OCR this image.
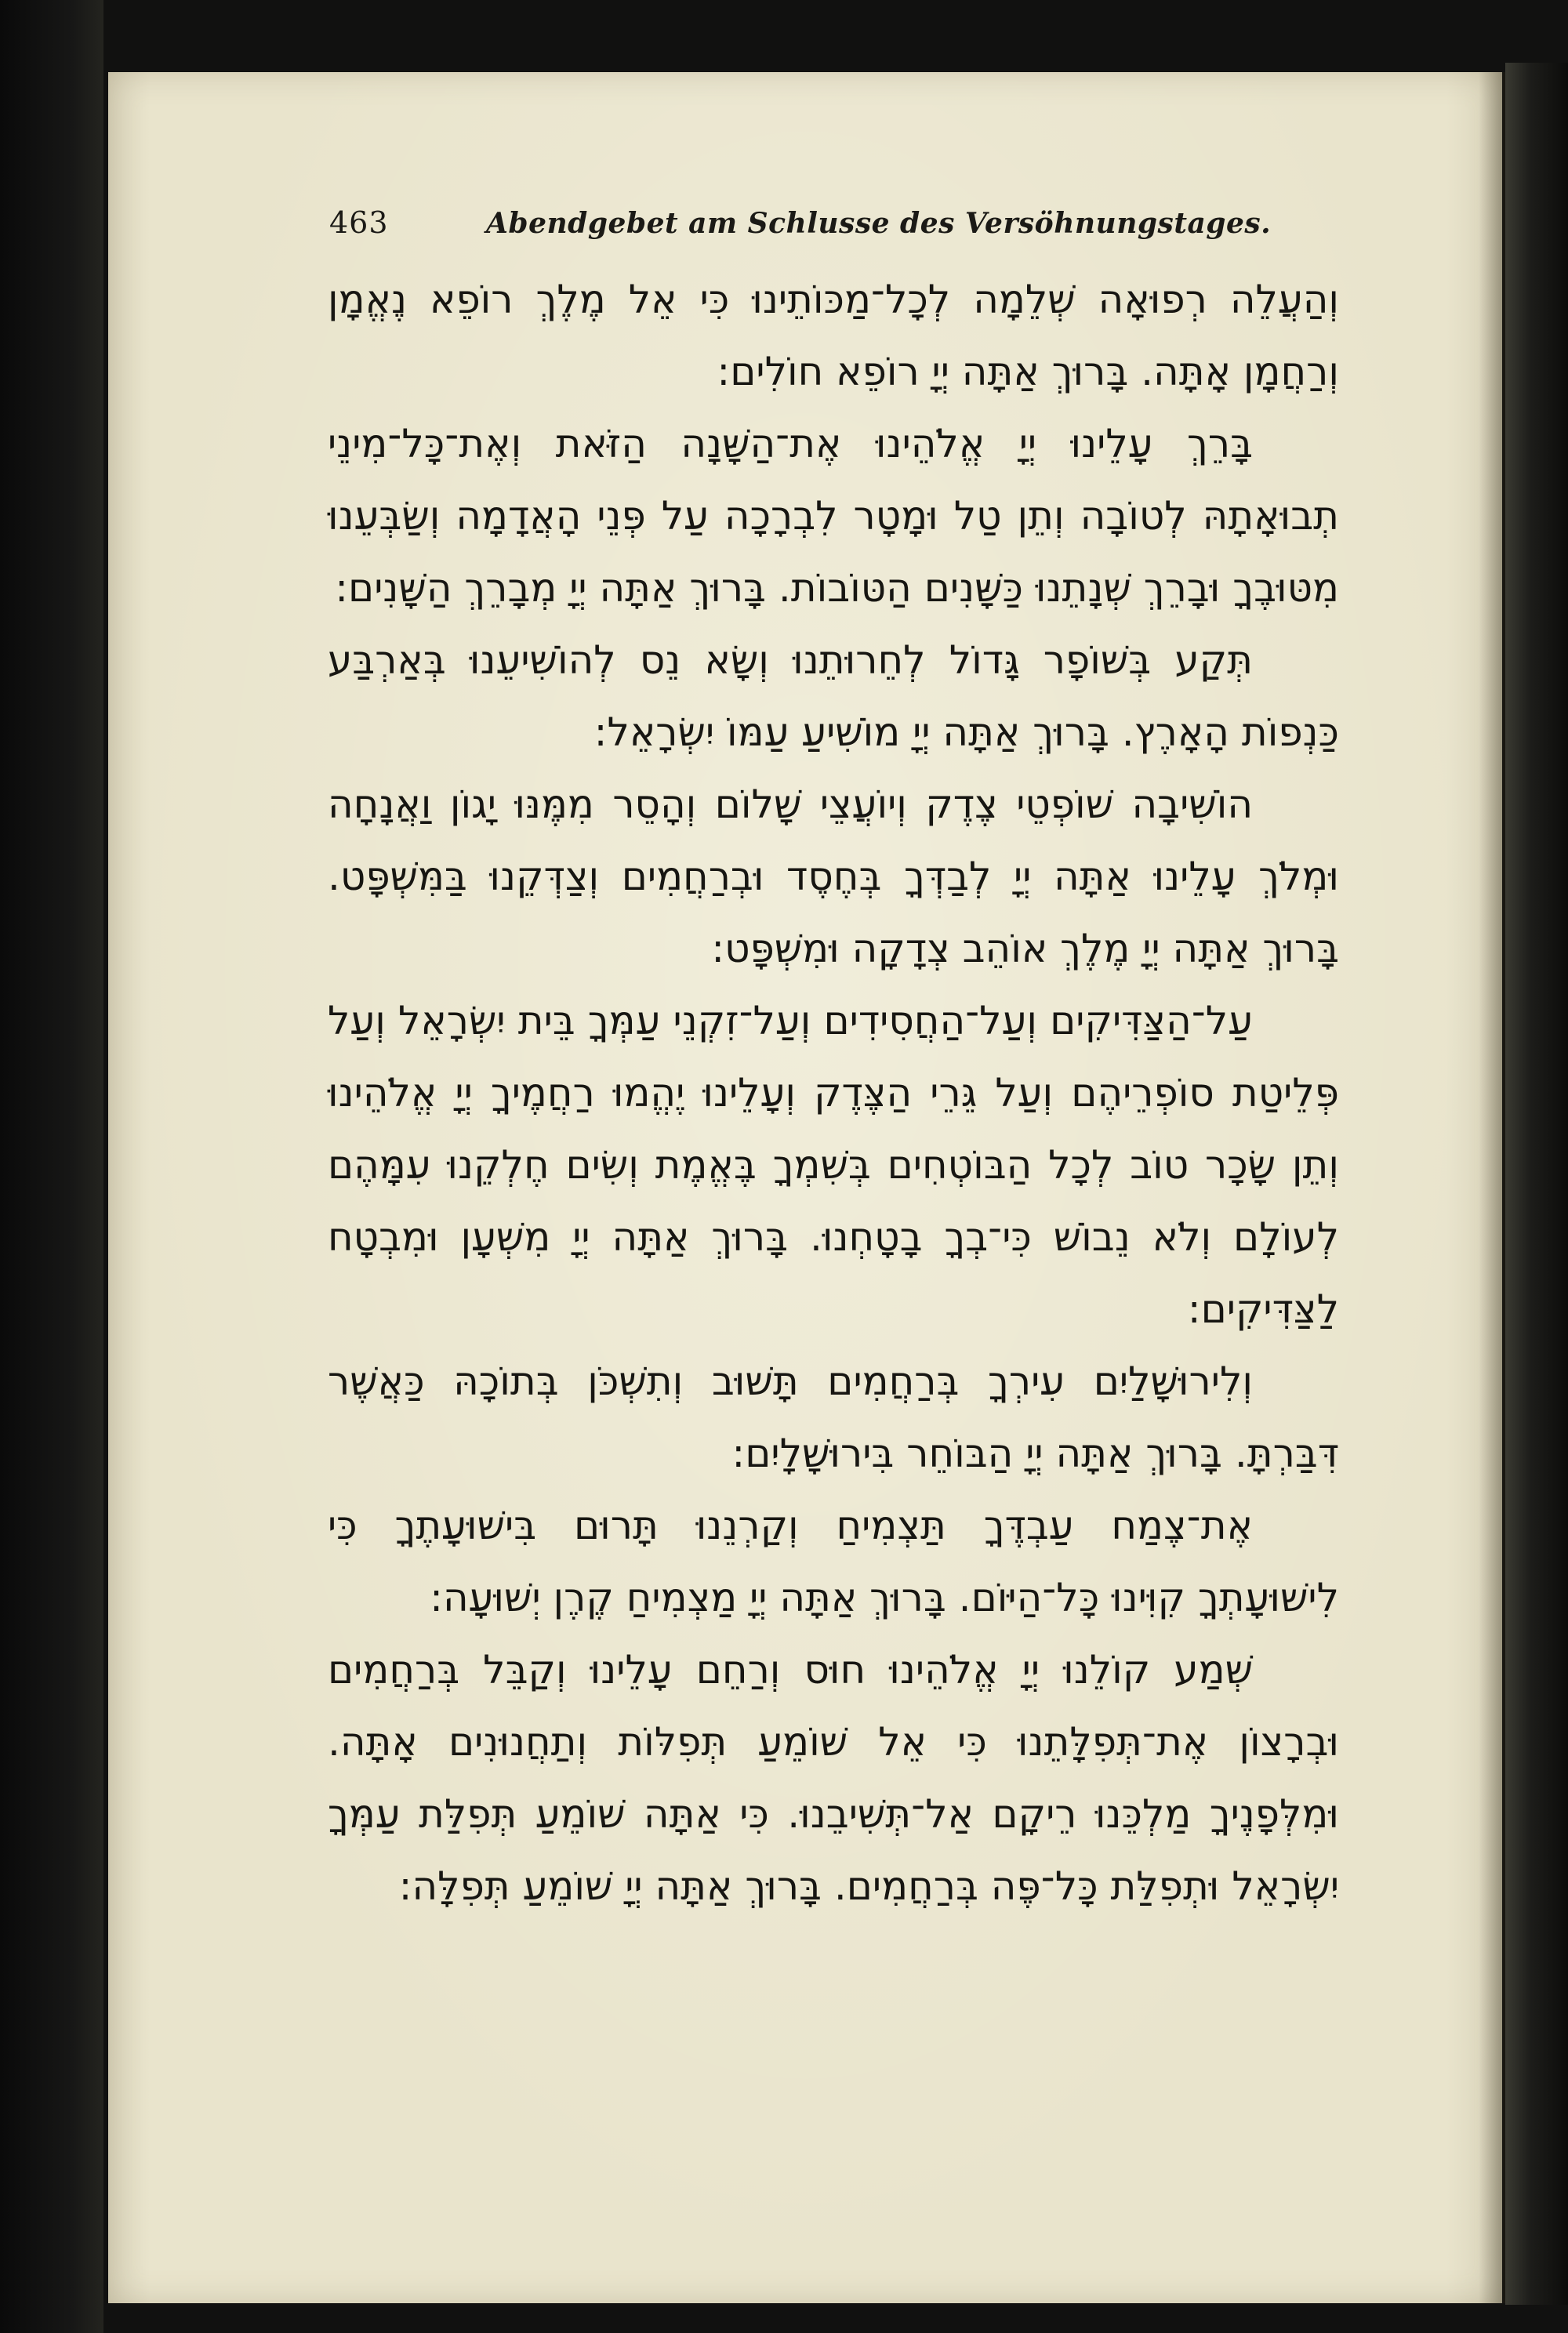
463	Abendgebet am Schlusse des Versöhnungstages.

וְהַעֲלֵה רְפוּאָה שְׁלֵמָה לְכָל־מַכּוֹתֵינוּ כִּי אֵל מֶלֶךְ רוֹפֵא נֶאֱמָן וְרַחֲמָן אָתָּה. בָּרוּךְ אַתָּה יְיָ רוֹפֵא חוֹלִים:

בָּרֵךְ עָלֵינוּ יְיָ אֱלֹהֵינוּ אֶת־הַשָּׁנָה הַזֹּאת וְאֶת־כָּל־מִינֵי תְבוּאָתָהּ לְטוֹבָה וְתֵן טַל וּמָטָר לִבְרָכָה עַל פְּנֵי הָאֲדָמָה וְשַׂבְּעֵנוּ מִטּוּבֶךָ וּבָרֵךְ שְׁנָתֵנוּ כַּשָּׁנִים הַטּוֹבוֹת. בָּרוּךְ אַתָּה יְיָ מְבָרֵךְ הַשָּׁנִים:

תְּקַע בְּשׁוֹפָר גָּדוֹל לְחֵרוּתֵנוּ וְשָׂא נֵס לְהוֹשִׁיעֵנוּ בְּאַרְבַּע כַּנְפוֹת הָאָרֶץ. בָּרוּךְ אַתָּה יְיָ מוֹשִׁיעַ עַמּוֹ יִשְׂרָאֵל:

הוֹשִׁיבָה שׁוֹפְטֵי צֶדֶק וְיוֹעֲצֵי שָׁלוֹם וְהָסֵר מִמֶּנּוּ יָגוֹן וַאֲנָחָה וּמְלֹךְ עָלֵינוּ אַתָּה יְיָ לְבַדְּךָ בְּחֶסֶד וּבְרַחֲמִים וְצַדְּקֵנוּ בַּמִּשְׁפָּט. בָּרוּךְ אַתָּה יְיָ מֶלֶךְ אוֹהֵב צְדָקָה וּמִשְׁפָּט:

עַל־הַצַּדִּיקִים וְעַל־הַחֲסִידִים וְעַל־זִקְנֵי עַמְּךָ בֵּית יִשְׂרָאֵל וְעַל פְּלֵיטַת סוֹפְרֵיהֶם וְעַל גֵּרֵי הַצֶּדֶק וְעָלֵינוּ יֶהֱמוּ רַחֲמֶיךָ יְיָ אֱלֹהֵינוּ וְתֵן שָׂכָר טוֹב לְכָל הַבּוֹטְחִים בְּשִׁמְךָ בֶּאֱמֶת וְשִׂים חֶלְקֵנוּ עִמָּהֶם לְעוֹלָם וְלֹא נֵבוֹשׁ כִּי־בְךָ בָטָחְנוּ. בָּרוּךְ אַתָּה יְיָ מִשְׁעָן וּמִבְטָח לַצַּדִּיקִים:

וְלִירוּשָׁלַיִם עִירְךָ בְּרַחֲמִים תָּשׁוּב וְתִשְׁכֹּן בְּתוֹכָהּ כַּאֲשֶׁר דִּבַּרְתָּ. בָּרוּךְ אַתָּה יְיָ הַבּוֹחֵר בִּירוּשָׁלָיִם:

אֶת־צֶמַח עַבְדֶּךָ תַּצְמִיחַ וְקַרְנֵנוּ תָּרוּם בִּישׁוּעָתֶךָ כִּי לִישׁוּעָתְךָ קִוִּינוּ כָּל־הַיּוֹם. בָּרוּךְ אַתָּה יְיָ מַצְמִיחַ קֶרֶן יְשׁוּעָה:

שְׁמַע קוֹלֵנוּ יְיָ אֱלֹהֵינוּ חוּס וְרַחֵם עָלֵינוּ וְקַבֵּל בְּרַחֲמִים וּבְרָצוֹן אֶת־תְּפִלָּתֵנוּ כִּי אֵל שׁוֹמֵעַ תְּפִלּוֹת וְתַחֲנוּנִים אָתָּה. וּמִלְּפָנֶיךָ מַלְכֵּנוּ רֵיקָם אַל־תְּשִׁיבֵנוּ. כִּי אַתָּה שׁוֹמֵעַ תְּפִלַּת עַמְּךָ יִשְׂרָאֵל וּתְפִלַּת כָּל־פֶּה בְּרַחֲמִים. בָּרוּךְ אַתָּה יְיָ שׁוֹמֵעַ תְּפִלָּה:
